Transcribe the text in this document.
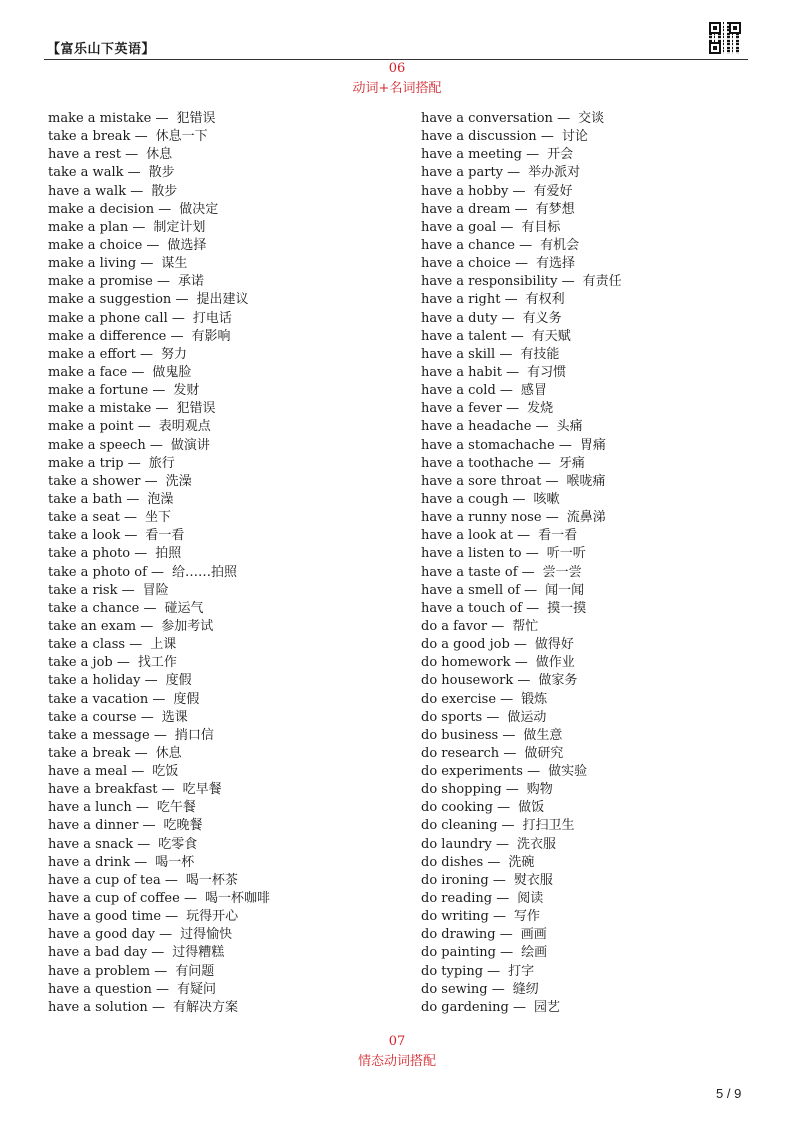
【富乐山下英语】
06
动词+名词搭配
make a mistake — 犯错误
take a break — 休息一下
have a rest — 休息
take a walk — 散步
have a walk — 散步
make a decision — 做决定
make a plan — 制定计划
make a choice — 做选择
make a living — 谋生
make a promise — 承诺
make a suggestion — 提出建议
make a phone call — 打电话
make a difference — 有影响
make a effort — 努力
make a face — 做鬼脸
make a fortune — 发财
make a mistake — 犯错误
make a point — 表明观点
make a speech — 做演讲
make a trip — 旅行
take a shower — 洗澡
take a bath — 泡澡
take a seat — 坐下
take a look — 看一看
take a photo — 拍照
take a photo of — 给……拍照
take a risk — 冒险
take a chance — 碰运气
take an exam — 参加考试
take a class — 上课
take a job — 找工作
take a holiday — 度假
take a vacation — 度假
take a course — 选课
take a message — 捎口信
take a break — 休息
have a meal — 吃饭
have a breakfast — 吃早餐
have a lunch — 吃午餐
have a dinner — 吃晚餐
have a snack — 吃零食
have a drink — 喝一杯
have a cup of tea — 喝一杯茶
have a cup of coffee — 喝一杯咖啡
have a good time — 玩得开心
have a good day — 过得愉快
have a bad day — 过得糟糕
have a problem — 有问题
have a question — 有疑问
have a solution — 有解决方案
have a conversation — 交谈
have a discussion — 讨论
have a meeting — 开会
have a party — 举办派对
have a hobby — 有爱好
have a dream — 有梦想
have a goal — 有目标
have a chance — 有机会
have a choice — 有选择
have a responsibility — 有责任
have a right — 有权利
have a duty — 有义务
have a talent — 有天赋
have a skill — 有技能
have a habit — 有习惯
have a cold — 感冒
have a fever — 发烧
have a headache — 头痛
have a stomachache — 胃痛
have a toothache — 牙痛
have a sore throat — 喉咙痛
have a cough — 咳嗽
have a runny nose — 流鼻涕
have a look at — 看一看
have a listen to — 听一听
have a taste of — 尝一尝
have a smell of — 闻一闻
have a touch of — 摸一摸
do a favor — 帮忙
do a good job — 做得好
do homework — 做作业
do housework — 做家务
do exercise — 锻炼
do sports — 做运动
do business — 做生意
do research — 做研究
do experiments — 做实验
do shopping — 购物
do cooking — 做饭
do cleaning — 打扫卫生
do laundry — 洗衣服
do dishes — 洗碗
do ironing — 熨衣服
do reading — 阅读
do writing — 写作
do drawing — 画画
do painting — 绘画
do typing — 打字
do sewing — 缝纫
do gardening — 园艺
07
情态动词搭配
5 / 9
